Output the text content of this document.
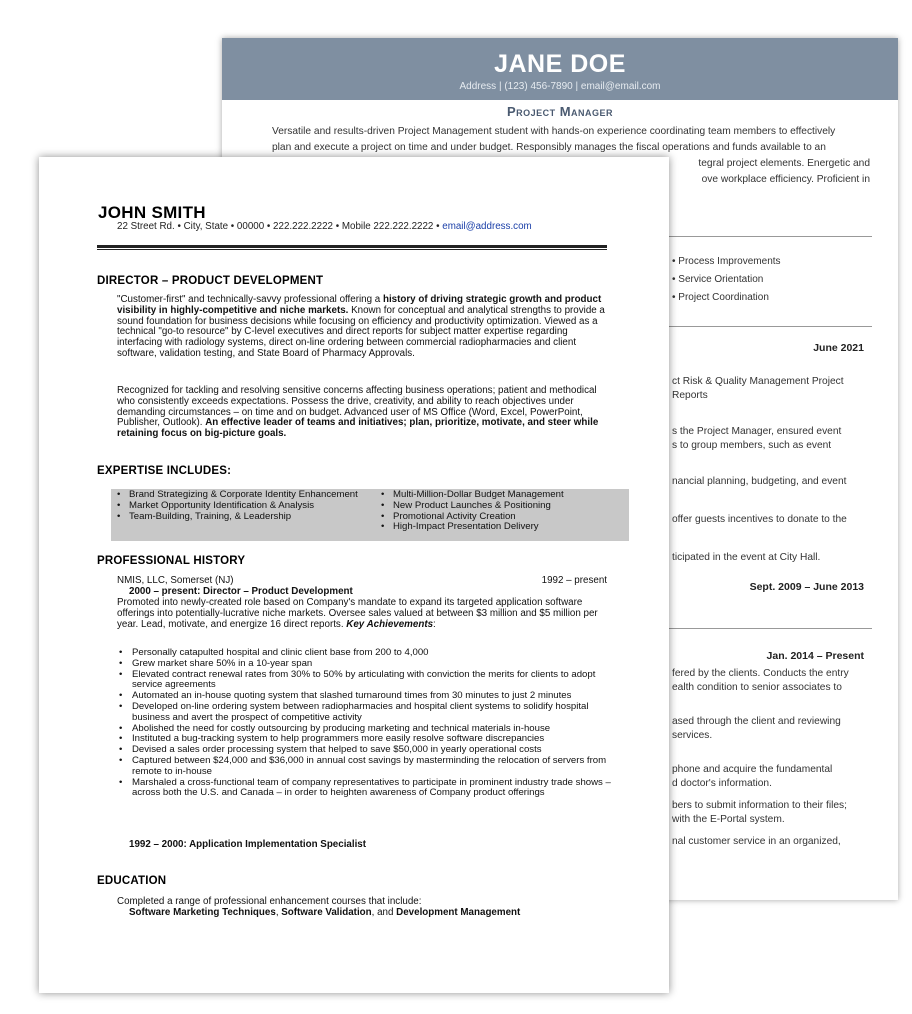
JANE DOE
Address | (123) 456-7890 | email@email.com
Project Manager
Versatile and results-driven Project Management student with hands-on experience coordinating team members to effectively
plan and execute a project on time and under budget. Responsibly manages the fiscal operations and funds available to an
tegral project elements. Energetic and
ove workplace efficiency. Proficient in
• Process Improvements
• Service Orientation
• Project Coordination
June 2021
ct Risk & Quality Management Project
Reports
s the Project Manager, ensured event
s to group members, such as event
nancial planning, budgeting, and event
offer guests incentives to donate to the
ticipated in the event at City Hall.
Sept. 2009 – June 2013
Jan. 2014 – Present
fered by the clients. Conducts the entry
ealth condition to senior associates to
ased through the client and reviewing
services.
phone and acquire the fundamental
d doctor's information.
bers to submit information to their files;
with the E-Portal system.
nal customer service in an organized,
JOHN SMITH
22 Street Rd. • City, State • 00000 • 222.222.2222 • Mobile 222.222.2222 • email@address.com
DIRECTOR – PRODUCT DEVELOPMENT
"Customer-first" and technically-savvy professional offering a history of driving strategic growth and product visibility in highly-competitive and niche markets. Known for conceptual and analytical strengths to provide a sound foundation for business decisions while focusing on efficiency and productivity optimization. Viewed as a technical "go-to resource" by C-level executives and direct reports for subject matter expertise regarding interfacing with radiology systems, direct on-line ordering between commercial radiopharmacies and client software, validation testing, and State Board of Pharmacy Approvals.
Recognized for tackling and resolving sensitive concerns affecting business operations; patient and methodical who consistently exceeds expectations. Possess the drive, creativity, and ability to reach objectives under demanding circumstances – on time and on budget. Advanced user of MS Office (Word, Excel, PowerPoint, Publisher, Outlook). An effective leader of teams and initiatives; plan, prioritize, motivate, and steer while retaining focus on big-picture goals.
EXPERTISE INCLUDES:
• Brand Strategizing & Corporate Identity Enhancement
• Market Opportunity Identification & Analysis
• Team-Building, Training, & Leadership
• Multi-Million-Dollar Budget Management
• New Product Launches & Positioning
• Promotional Activity Creation
• High-Impact Presentation Delivery
PROFESSIONAL HISTORY
NMIS, LLC, Somerset (NJ)	1992 – present
2000 – present: Director – Product Development
Promoted into newly-created role based on Company's mandate to expand its targeted application software offerings into potentially-lucrative niche markets. Oversee sales valued at between $3 million and $5 million per year. Lead, motivate, and energize 16 direct reports. Key Achievements:
• Personally catapulted hospital and clinic client base from 200 to 4,000
• Grew market share 50% in a 10-year span
• Elevated contract renewal rates from 30% to 50% by articulating with conviction the merits for clients to adopt service agreements
• Automated an in-house quoting system that slashed turnaround times from 30 minutes to just 2 minutes
• Developed on-line ordering system between radiopharmacies and hospital client systems to solidify hospital business and avert the prospect of competitive activity
• Abolished the need for costly outsourcing by producing marketing and technical materials in-house
• Instituted a bug-tracking system to help programmers more easily resolve software discrepancies
• Devised a sales order processing system that helped to save $50,000 in yearly operational costs
• Captured between $24,000 and $36,000 in annual cost savings by masterminding the relocation of servers from remote to in-house
• Marshaled a cross-functional team of company representatives to participate in prominent industry trade shows – across both the U.S. and Canada – in order to heighten awareness of Company product offerings
1992 – 2000: Application Implementation Specialist
EDUCATION
Completed a range of professional enhancement courses that include:
Software Marketing Techniques, Software Validation, and Development Management
